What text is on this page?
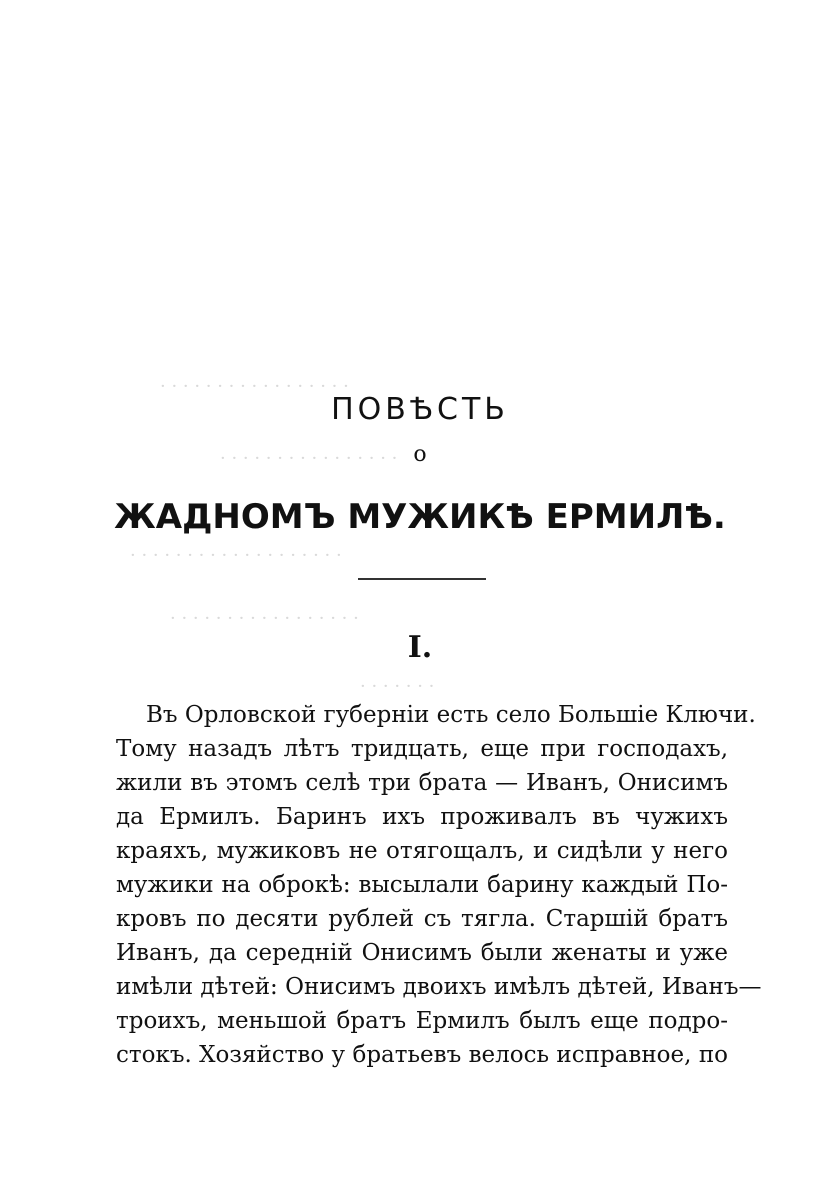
· · · · · · · · · · · · · · · · ·
· · · · · · · · · · · · · · · ·
· · · · · · · · · · · · · · · · · · ·
· · · · · · · · · · · · · · · · ·
· · · · · · ·
ПОВѢСТЬ
о
ЖАДНОМЪ МУЖИКѢ ЕРМИЛѢ.
I.
Въ Орловской губерніи есть село Большіе Ключи.
Тому назадъ лѣтъ тридцать, еще при господахъ,
жили въ этомъ селѣ три брата — Иванъ, Онисимъ
да Ермилъ. Баринъ ихъ проживалъ въ чужихъ
краяхъ, мужиковъ не отягощалъ, и сидѣли у него
мужики на оброкѣ: высылали барину каждый По-
кровъ по десяти рублей съ тягла. Старшій братъ
Иванъ, да середній Онисимъ были женаты и уже
имѣли дѣтей: Онисимъ двоихъ имѣлъ дѣтей, Иванъ—
троихъ, меньшой братъ Ермилъ былъ еще подро-
стокъ. Хозяйство у братьевъ велось исправное, по
